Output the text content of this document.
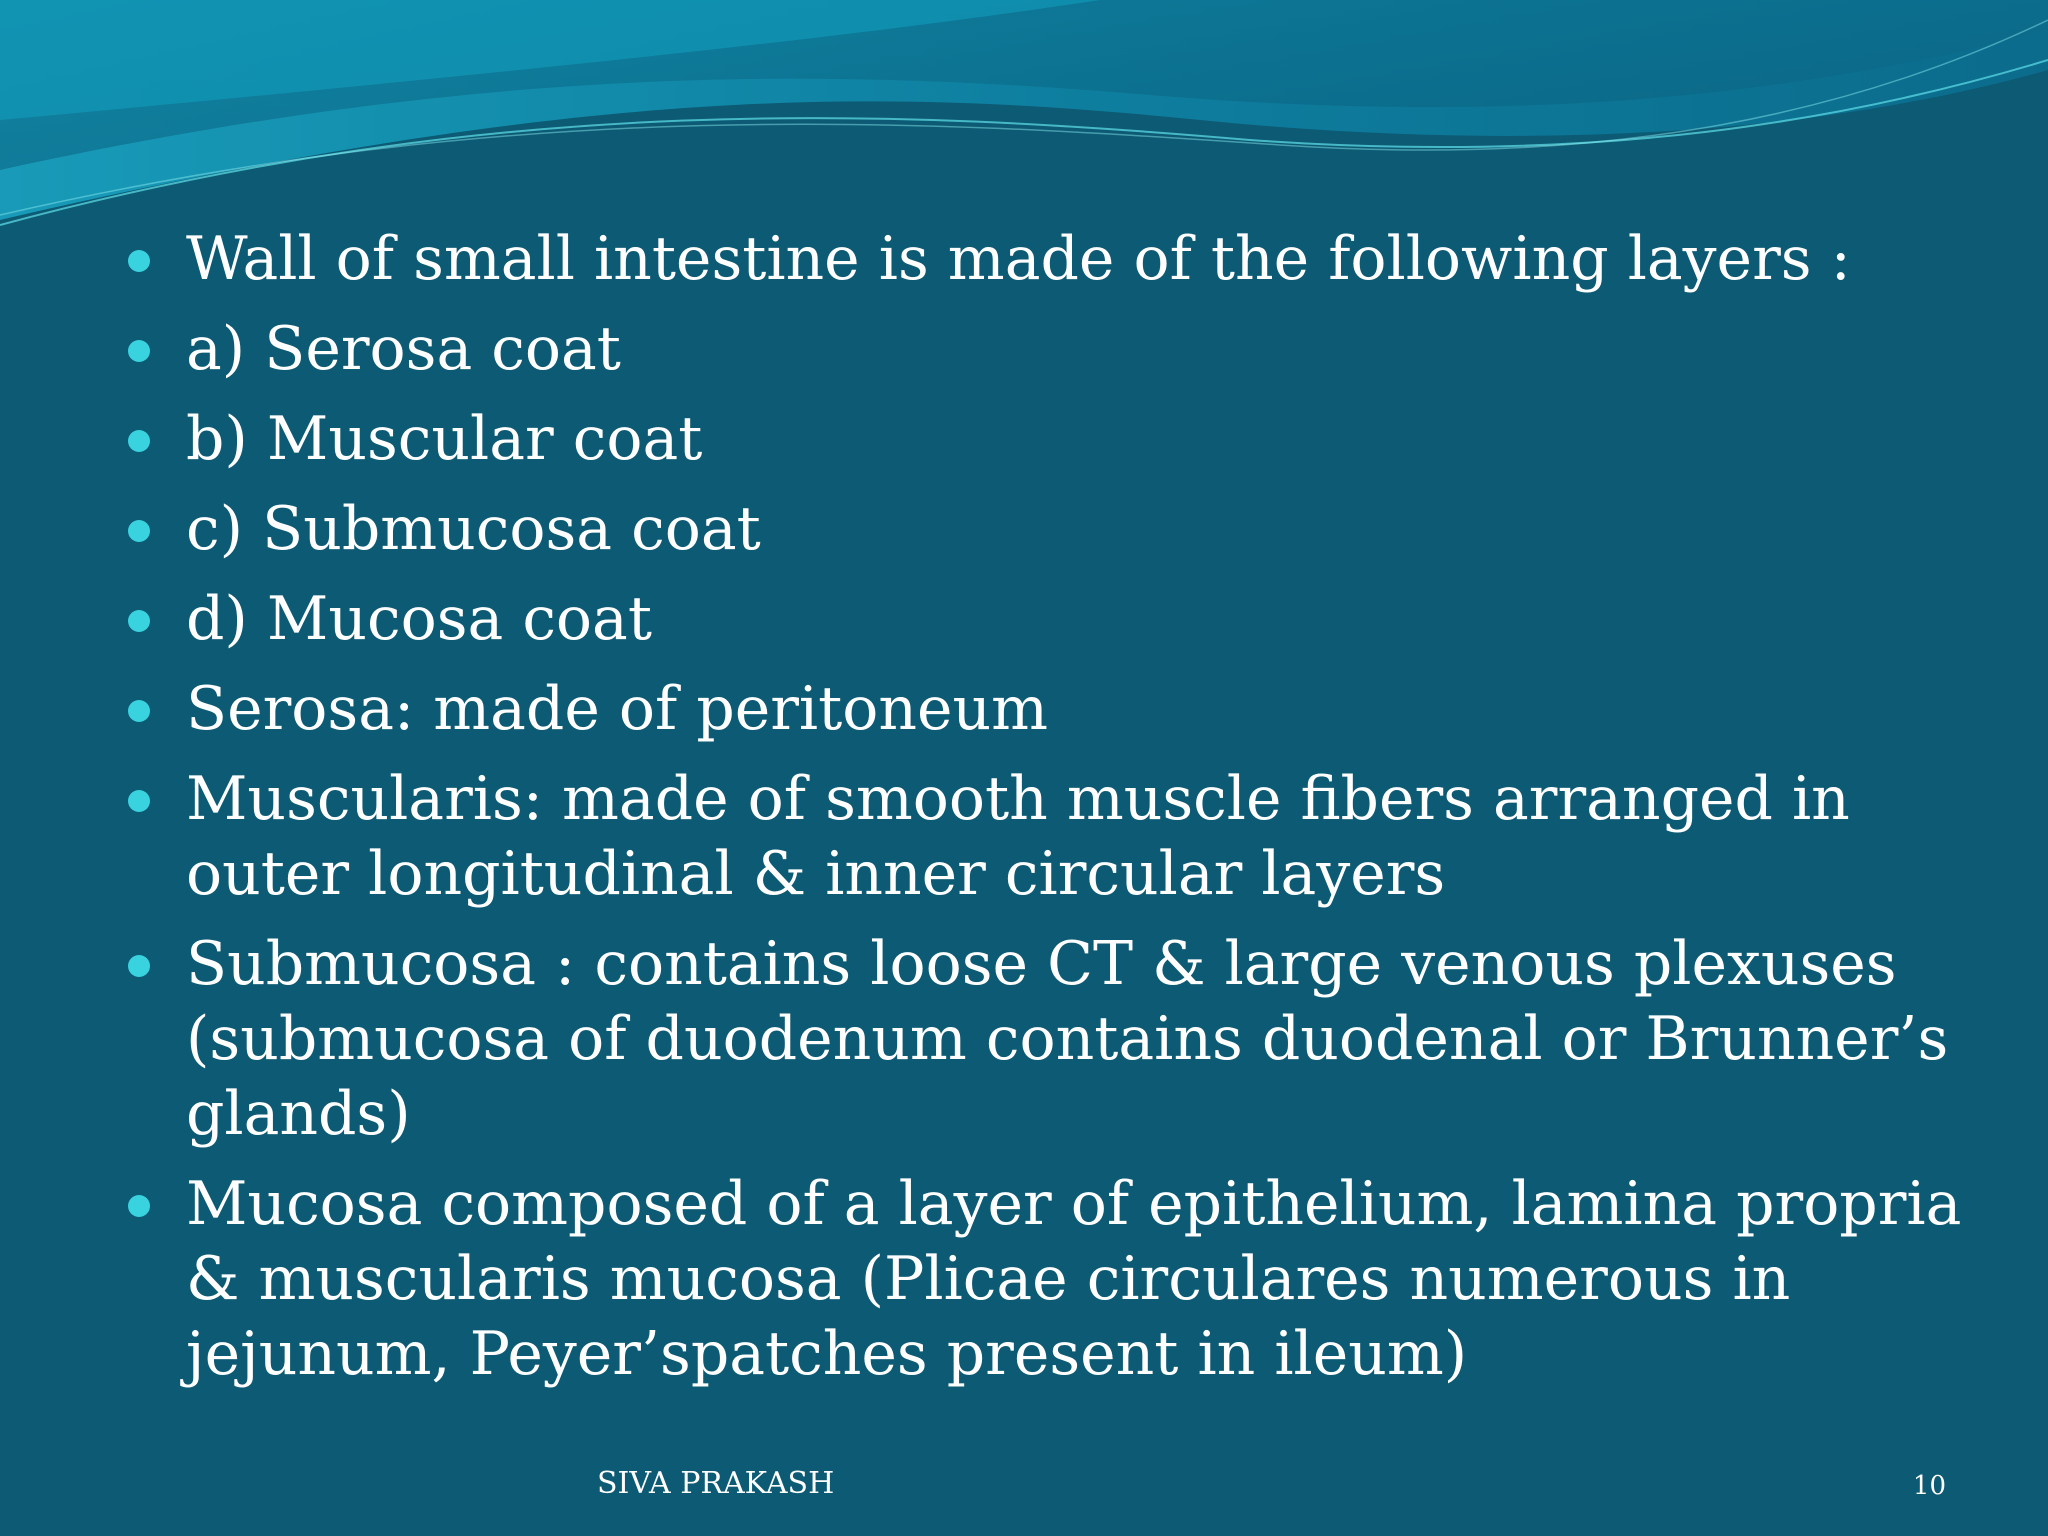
Wall of small intestine is made of the following layers :
a) Serosa coat
b) Muscular coat
c) Submucosa coat
d) Mucosa coat
Serosa: made of peritoneum
Muscularis: made of smooth muscle fibers arranged in
outer longitudinal & inner circular layers
Submucosa : contains loose CT & large venous plexuses
(submucosa of duodenum contains duodenal or Brunner’s
glands)
Mucosa composed of a layer of epithelium, lamina propria
& muscularis mucosa (Plicae circulares numerous in
jejunum, Peyer’spatches present in ileum)
SIVA PRAKASH	10
